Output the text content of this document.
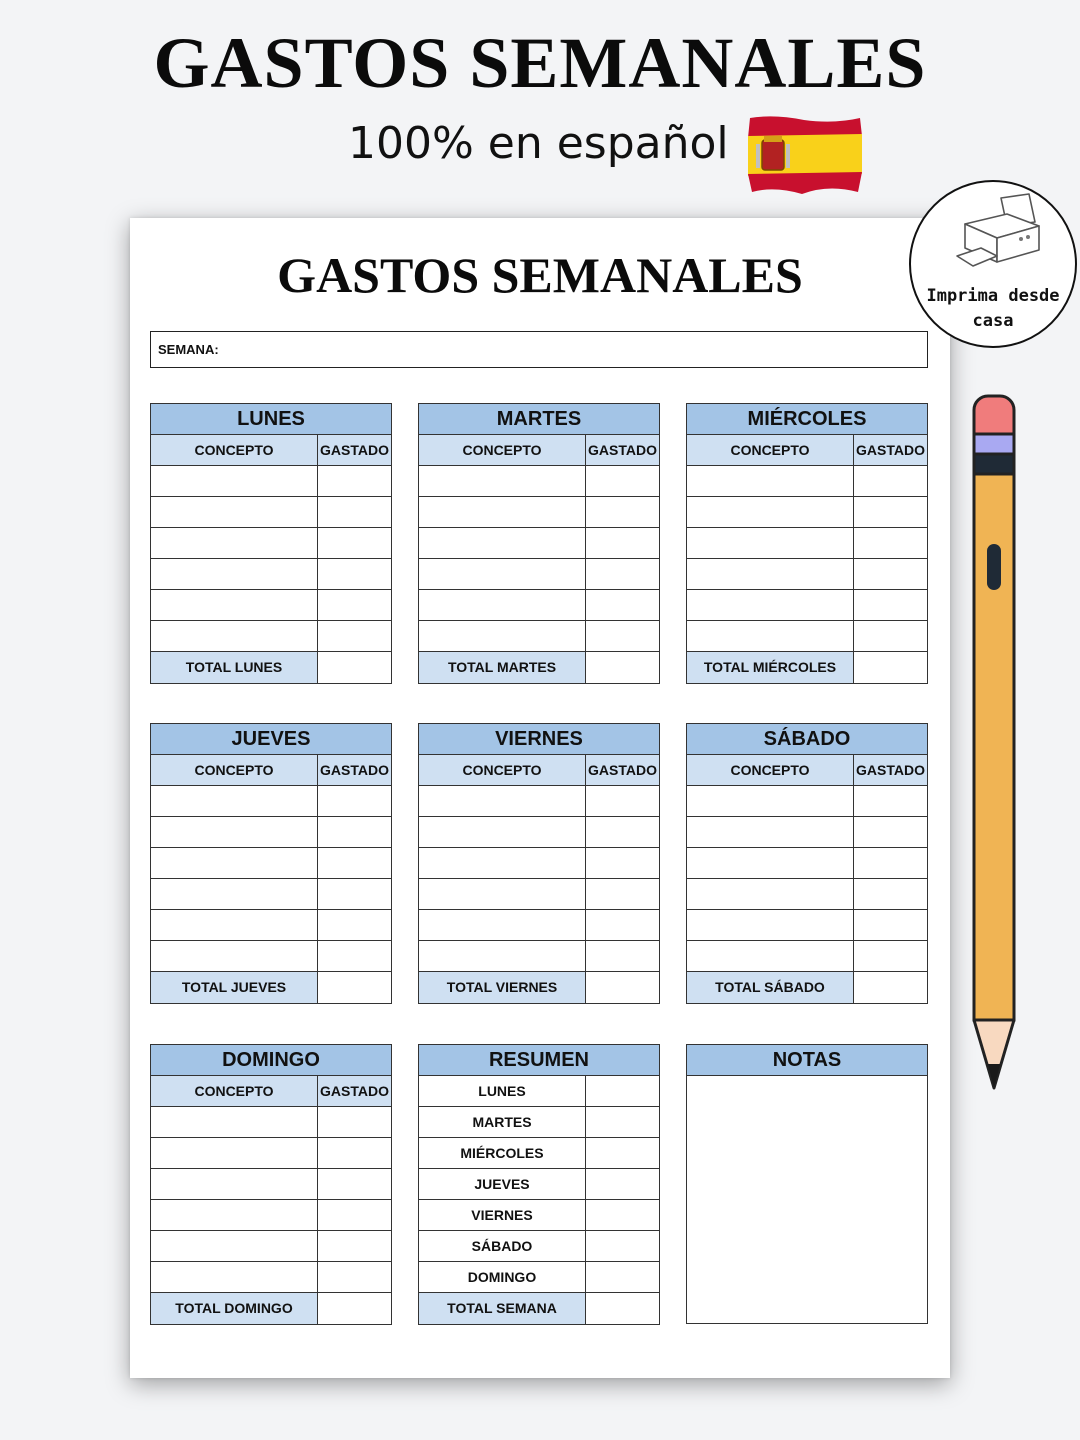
GASTOS SEMANALES
100% en español
GASTOS SEMANALES
SEMANA:
LUNES
CONCEPTO	GASTADO
TOTAL LUNES
MARTES
CONCEPTO	GASTADO
TOTAL MARTES
MIÉRCOLES
CONCEPTO	GASTADO
TOTAL MIÉRCOLES
JUEVES
CONCEPTO	GASTADO
TOTAL JUEVES
VIERNES
CONCEPTO	GASTADO
TOTAL VIERNES
SÁBADO
CONCEPTO	GASTADO
TOTAL SÁBADO
DOMINGO
CONCEPTO	GASTADO
TOTAL DOMINGO
RESUMEN
LUNES
MARTES
MIÉRCOLES
JUEVES
VIERNES
SÁBADO
DOMINGO
TOTAL SEMANA
NOTAS
Imprima desde
casa
